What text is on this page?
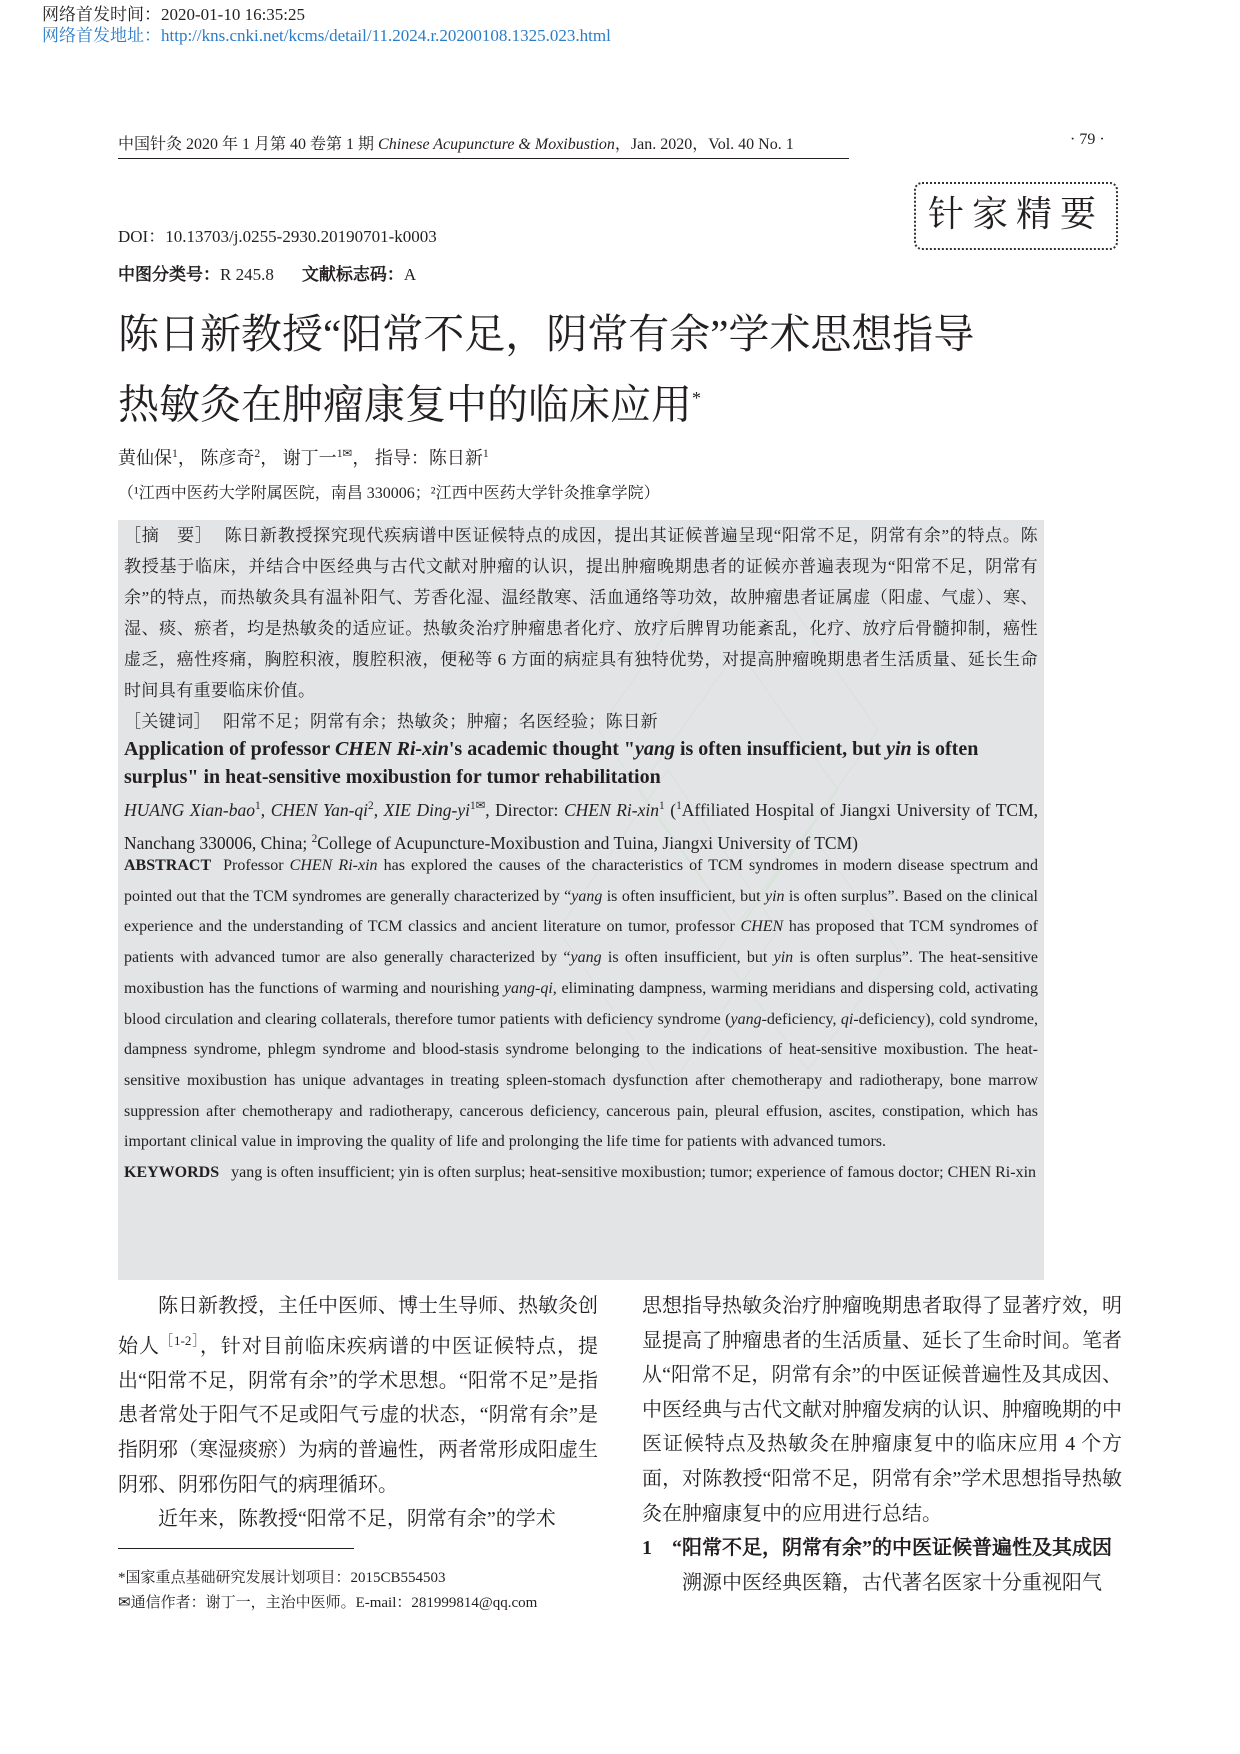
网络首发时间：2020-01-10 16:35:25
网络首发地址：http://kns.cnki.net/kcms/detail/11.2024.r.20200108.1325.023.html
中国针灸 2020 年 1 月第 40 卷第 1 期 Chinese Acupuncture & Moxibustion，Jan. 2020，Vol. 40 No. 1	· 79 ·
针家精要
DOI：10.13703/j.0255-2930.20190701-k0003
中图分类号：R 245.8 文献标志码：A
陈日新教授“阳常不足，阴常有余”学术思想指导
热敏灸在肿瘤康复中的临床应用*
黄仙保$^1$， 陈彦奇$^2$， 谢丁一$^{1✉}$， 指导：陈日新$^1$
（¹江西中医药大学附属医院，南昌 330006；²江西中医药大学针灸推拿学院）
［摘　要］ 陈日新教授探究现代疾病谱中医证候特点的成因，提出其证候普遍呈现“阳常不足，阴常有余”的特点。陈教授基于临床，并结合中医经典与古代文献对肿瘤的认识，提出肿瘤晚期患者的证候亦普遍表现为“阳常不足，阴常有余”的特点，而热敏灸具有温补阳气、芳香化湿、温经散寒、活血通络等功效，故肿瘤患者证属虚（阳虚、气虚）、寒、湿、痰、瘀者，均是热敏灸的适应证。热敏灸治疗肿瘤患者化疗、放疗后脾胃功能紊乱，化疗、放疗后骨髓抑制，癌性虚乏，癌性疼痛，胸腔积液，腹腔积液，便秘等 6 方面的病症具有独特优势，对提高肿瘤晚期患者生活质量、延长生命时间具有重要临床价值。
［关键词］ 阳常不足；阴常有余；热敏灸；肿瘤；名医经验；陈日新
Application of professor CHEN Ri-xin's academic thought "yang is often insufficient, but yin is often surplus" in heat-sensitive moxibustion for tumor rehabilitation
HUANG Xian-bao$^1$, CHEN Yan-$qi^2$, XIE Ding-$yi^{1✉}$, Director: CHEN Ri-xin$^1$ ($^1$Affiliated Hospital of Jiangxi University of TCM, Nanchang 330006, China; $^2$College of Acupuncture-Moxibustion and Tuina, Jiangxi University of TCM)
ABSTRACT Professor CHEN Ri-xin has explored the causes of the characteristics of TCM syndromes in modern disease spectrum and pointed out that the TCM syndromes are generally characterized by “yang is often insufficient, but yin is often surplus”. Based on the clinical experience and the understanding of TCM classics and ancient literature on tumor, professor CHEN has proposed that TCM syndromes of patients with advanced tumor are also generally characterized by “yang is often insufficient, but yin is often surplus”. The heat-sensitive moxibustion has the functions of warming and nourishing yang-qi, eliminating dampness, warming meridians and dispersing cold, activating blood circulation and clearing collaterals, therefore tumor patients with deficiency syndrome (yang-deficiency, qi-deficiency), cold syndrome, dampness syndrome, phlegm syndrome and blood-stasis syndrome belonging to the indications of heat-sensitive moxibustion. The heat-sensitive moxibustion has unique advantages in treating spleen-stomach dysfunction after chemotherapy and radiotherapy, bone marrow suppression after chemotherapy and radiotherapy, cancerous deficiency, cancerous pain, pleural effusion, ascites, constipation, which has important clinical value in improving the quality of life and prolonging the life time for patients with advanced tumors.
KEYWORDS yang is often insufficient; yin is often surplus; heat-sensitive moxibustion; tumor; experience of famous doctor; CHEN Ri-xin

陈日新教授，主任中医师、博士生导师、热敏灸创始人$^{[1-2]}$，针对目前临床疾病谱的中医证候特点，提出“阳常不足，阴常有余”的学术思想。“阳常不足”是指患者常处于阳气不足或阳气亏虚的状态，“阴常有余”是指阴邪（寒湿痰瘀）为病的普遍性，两者常形成阳虚生阴邪、阴邪伤阳气的病理循环。

近年来，陈教授“阳常不足，阴常有余”的学术

思想指导热敏灸治疗肿瘤晚期患者取得了显著疗效，明显提高了肿瘤患者的生活质量、延长了生命时间。笔者从“阳常不足，阴常有余”的中医证候普遍性及其成因、中医经典与古代文献对肿瘤发病的认识、肿瘤晚期的中医证候特点及热敏灸在肿瘤康复中的临床应用 4 个方面，对陈教授“阳常不足，阴常有余”学术思想指导热敏灸在肿瘤康复中的应用进行总结。

1　“阳常不足，阴常有余”的中医证候普遍性及其成因

溯源中医经典医籍，古代著名医家十分重视阳气

*国家重点基础研究发展计划项目：2015CB554503
✉通信作者：谢丁一，主治中医师。E-mail：281999814@qq.com
